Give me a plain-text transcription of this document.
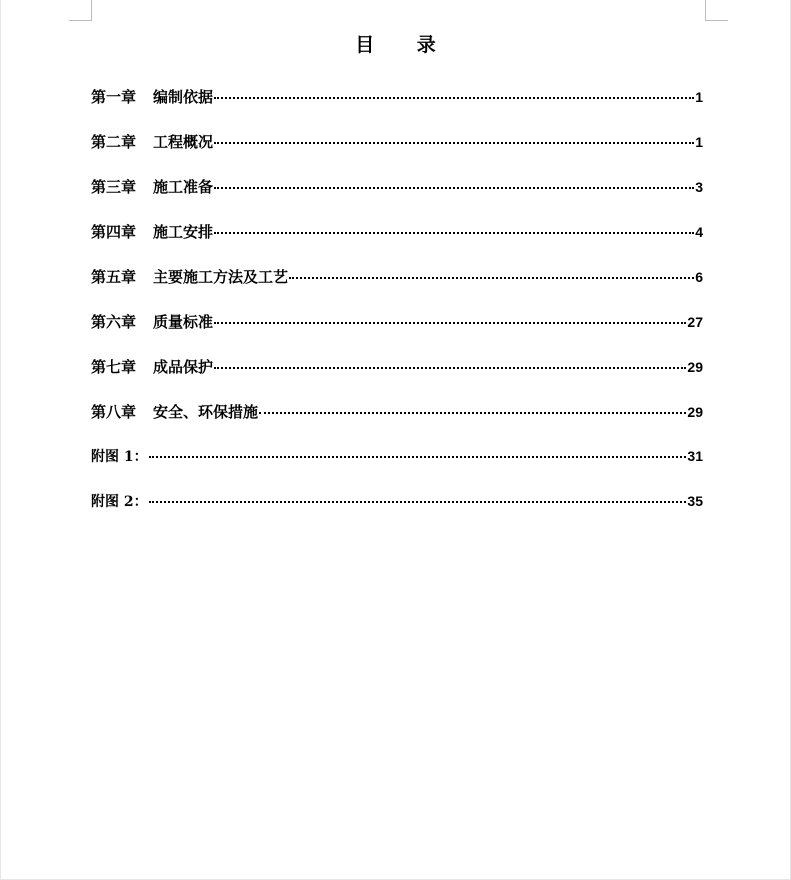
目 录
第一章 编制依据	1
第二章 工程概况	1
第三章 施工准备	3
第四章 施工安排	4
第五章 主要施工方法及工艺	6
第六章 质量标准	27
第七章 成品保护	29
第八章 安全、环保措施	29
附图 1：	31
附图 2：	35
